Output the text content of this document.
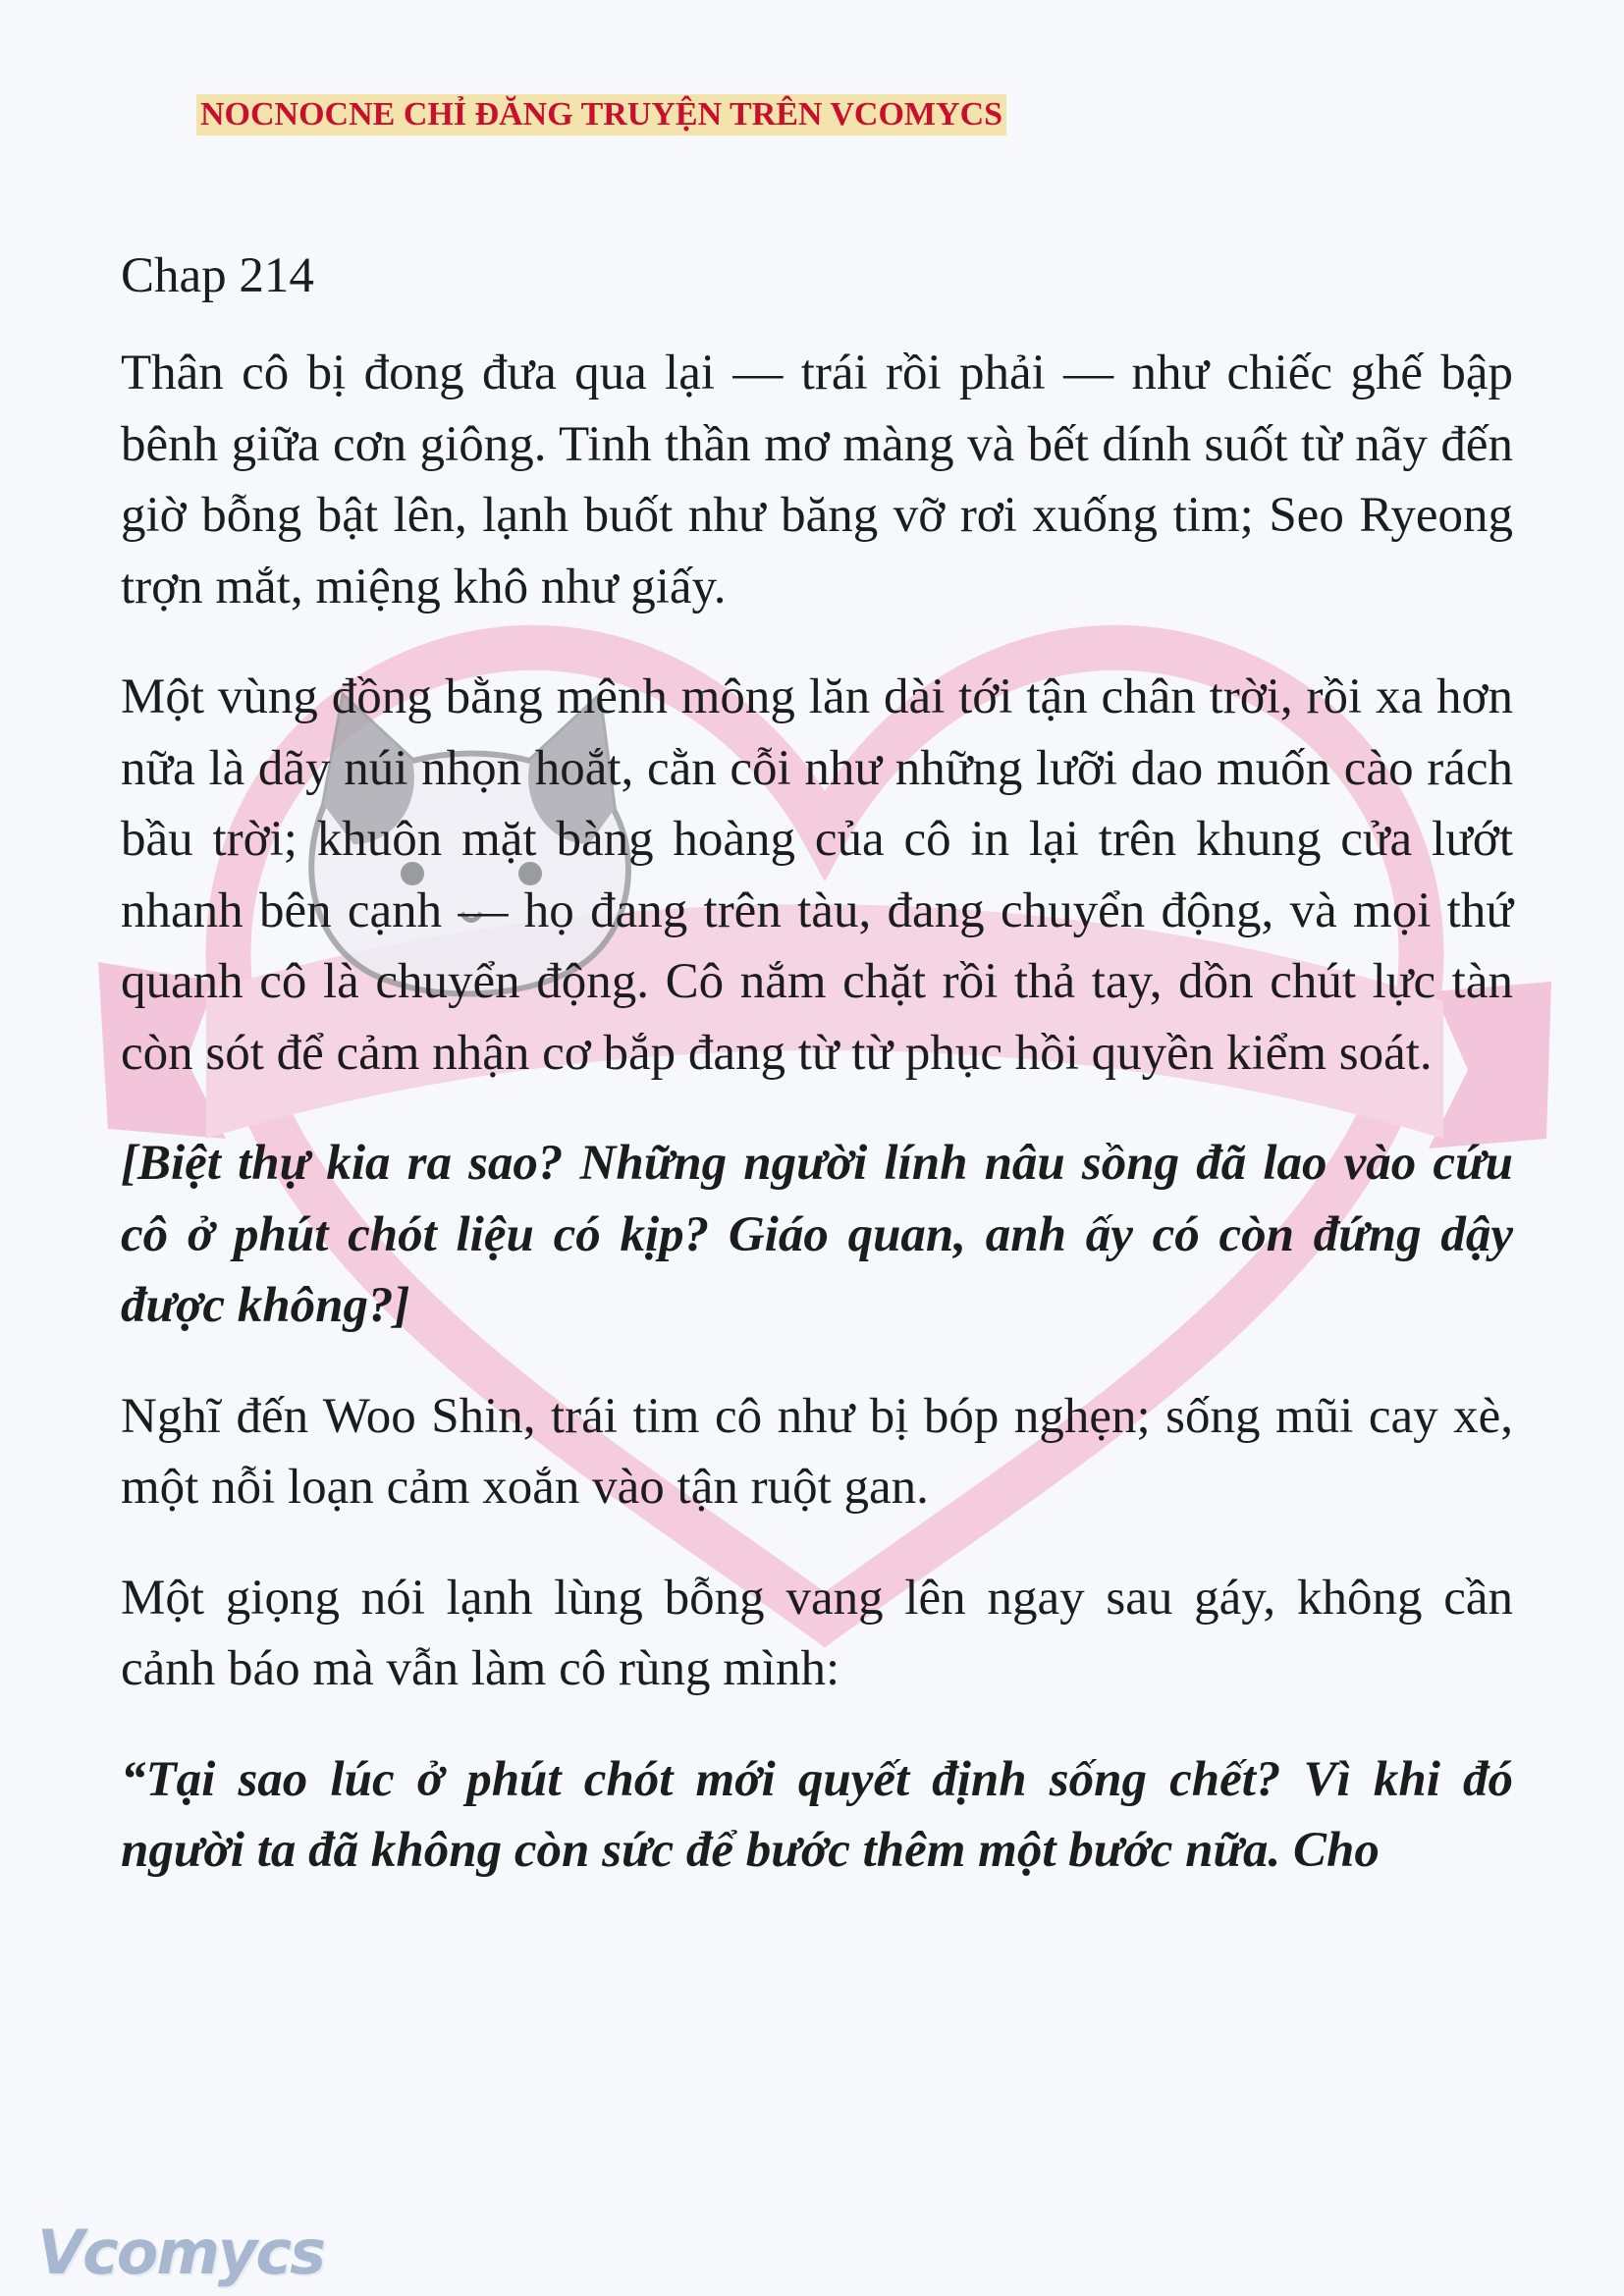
NOCNOCNE CHỈ ĐĂNG TRUYỆN TRÊN VCOMYCS
Chap 214

Thân cô bị đong đưa qua lại — trái rồi phải — như chiếc ghế bập bênh giữa cơn giông. Tinh thần mơ màng và bết dính suốt từ nãy đến giờ bỗng bật lên, lạnh buốt như băng vỡ rơi xuống tim; Seo Ryeong trợn mắt, miệng khô như giấy.

Một vùng đồng bằng mênh mông lăn dài tới tận chân trời, rồi xa hơn nữa là dãy núi nhọn hoắt, cằn cỗi như những lưỡi dao muốn cào rách bầu trời; khuôn mặt bàng hoàng của cô in lại trên khung cửa lướt nhanh bên cạnh — họ đang trên tàu, đang chuyển động, và mọi thứ quanh cô là chuyển động. Cô nắm chặt rồi thả tay, dồn chút lực tàn còn sót để cảm nhận cơ bắp đang từ từ phục hồi quyền kiểm soát.

[Biệt thự kia ra sao? Những người lính nâu sồng đã lao vào cứu cô ở phút chót liệu có kịp? Giáo quan, anh ấy có còn đứng dậy được không?]

Nghĩ đến Woo Shin, trái tim cô như bị bóp nghẹn; sống mũi cay xè, một nỗi loạn cảm xoắn vào tận ruột gan.

Một giọng nói lạnh lùng bỗng vang lên ngay sau gáy, không cần cảnh báo mà vẫn làm cô rùng mình:

“Tại sao lúc ở phút chót mới quyết định sống chết? Vì khi đó người ta đã không còn sức để bước thêm một bước nữa. Cho

Vcomycs
